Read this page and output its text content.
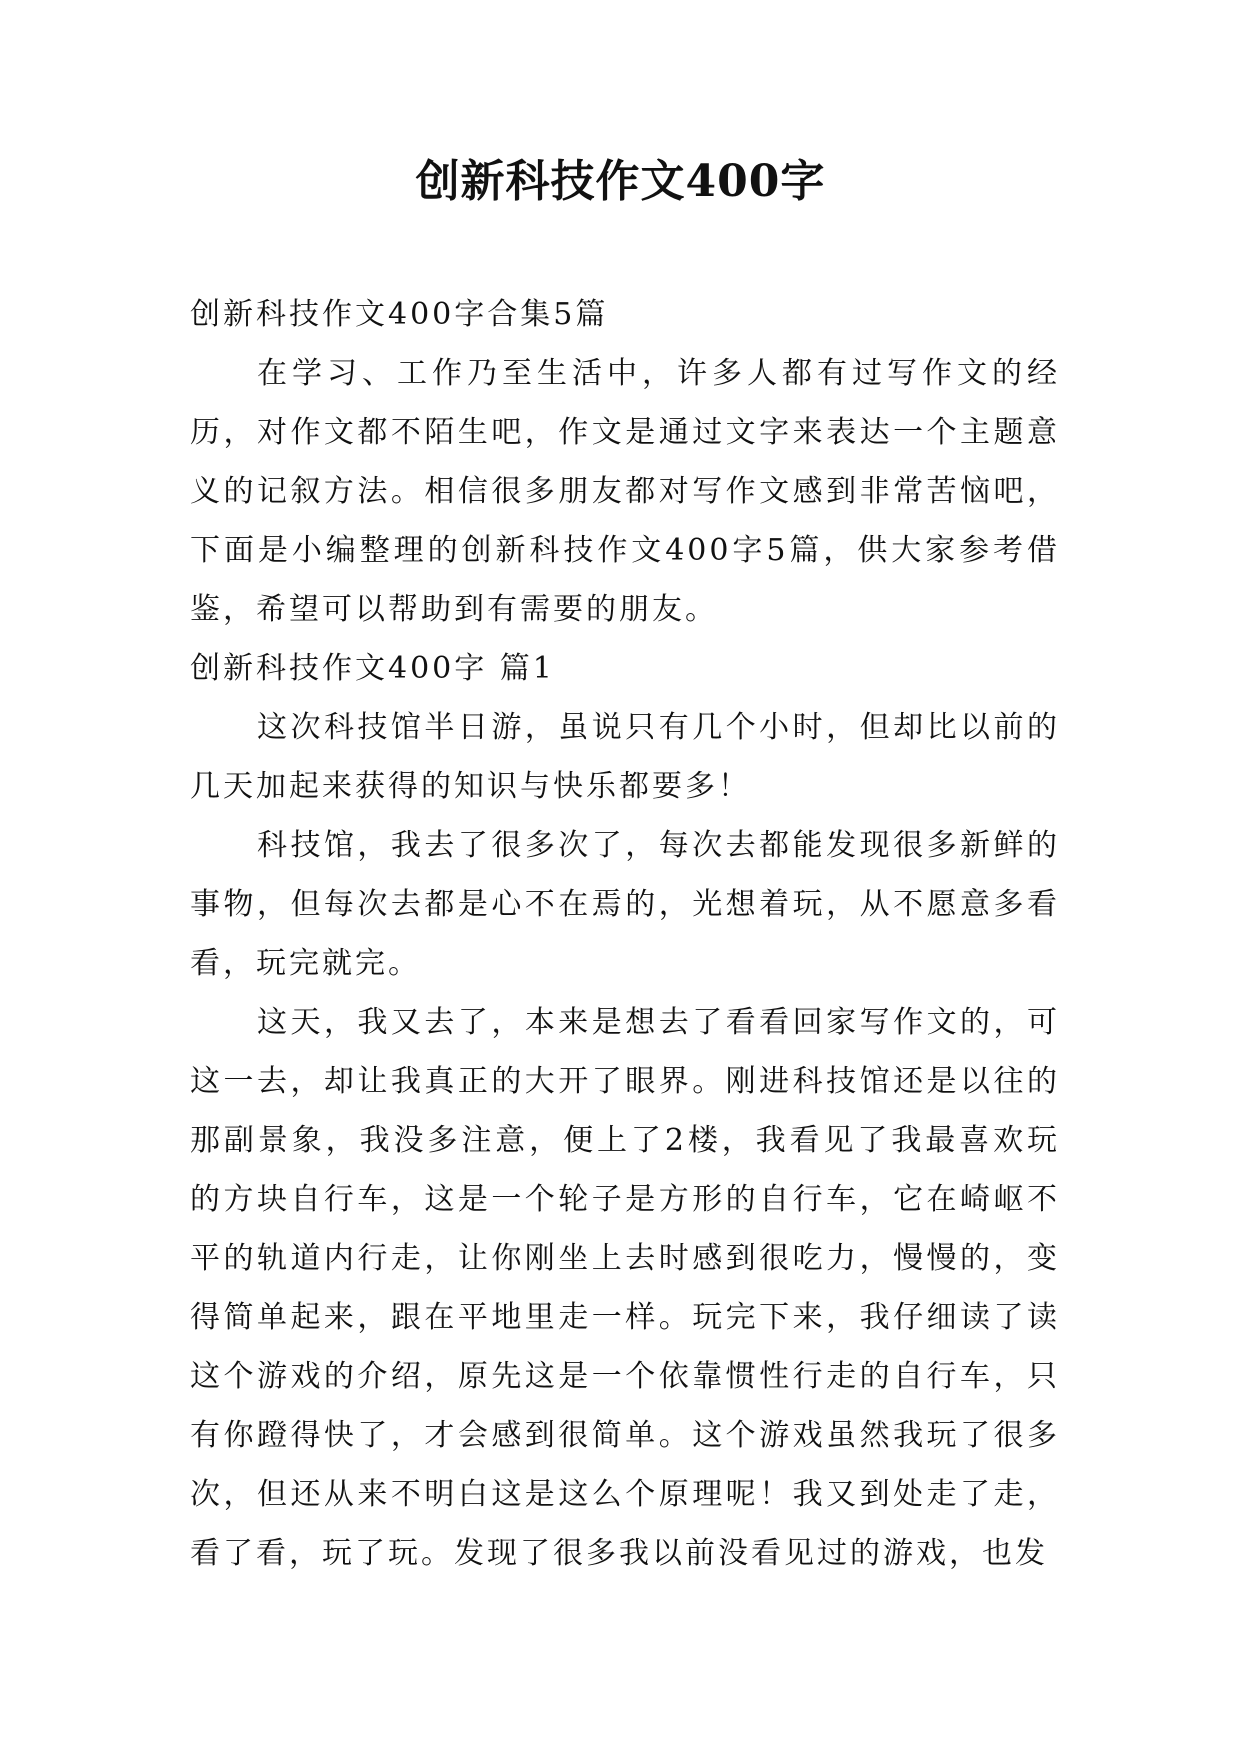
创新科技作文400字

创新科技作文400字合集5篇

在学习、工作乃至生活中，许多人都有过写作文的经历，对作文都不陌生吧，作文是通过文字来表达一个主题意义的记叙方法。相信很多朋友都对写作文感到非常苦恼吧，下面是小编整理的创新科技作文400字5篇，供大家参考借鉴，希望可以帮助到有需要的朋友。

创新科技作文400字 篇1

这次科技馆半日游，虽说只有几个小时，但却比以前的几天加起来获得的知识与快乐都要多！

科技馆，我去了很多次了，每次去都能发现很多新鲜的事物，但每次去都是心不在焉的，光想着玩，从不愿意多看看，玩完就完。

这天，我又去了，本来是想去了看看回家写作文的，可这一去，却让我真正的大开了眼界。刚进科技馆还是以往的那副景象，我没多注意，便上了2楼，我看见了我最喜欢玩的方块自行车，这是一个轮子是方形的自行车，它在崎岖不平的轨道内行走，让你刚坐上去时感到很吃力，慢慢的，变得简单起来，跟在平地里走一样。玩完下来，我仔细读了读这个游戏的介绍，原先这是一个依靠惯性行走的自行车，只有你蹬得快了，才会感到很简单。这个游戏虽然我玩了很多次，但还从来不明白这是这么个原理呢！我又到处走了走，看了看，玩了玩。发现了很多我以前没看见过的游戏，也发
